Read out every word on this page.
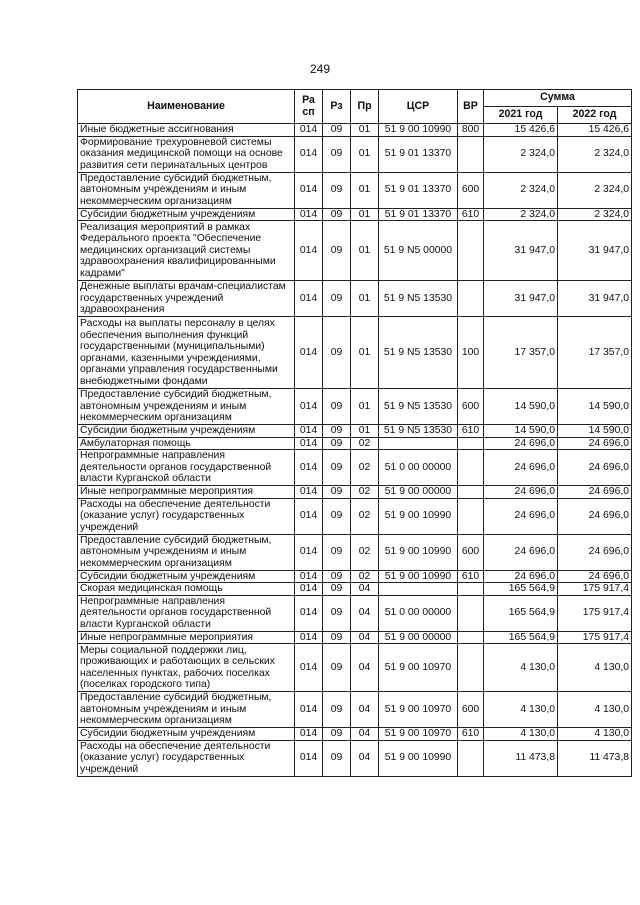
249
Наименование	Ра сп	Рз	Пр	ЦСР	ВР	Сумма	
						2021 год	2022 год
Иные бюджетные ассигнования	014	09	01	51 9 00 10990	800	15 426,6	15 426,6
Формирование трехуровневой системы оказания медицинской помощи на основе развития сети перинатальных центров	014	09	01	51 9 01 13370		2 324,0	2 324,0
Предоставление субсидий бюджетным, автономным учреждениям и иным некоммерческим организациям	014	09	01	51 9 01 13370	600	2 324,0	2 324,0
Субсидии бюджетным учреждениям	014	09	01	51 9 01 13370	610	2 324,0	2 324,0
Реализация мероприятий в рамках Федерального проекта "Обеспечение медицинских организаций системы здравоохранения квалифицированными кадрами"	014	09	01	51 9 N5 00000		31 947,0	31 947,0
Денежные выплаты врачам-специалистам государственных учреждений здравоохранения	014	09	01	51 9 N5 13530		31 947,0	31 947,0
Расходы на выплаты персоналу в целях обеспечения выполнения функций государственными (муниципальными) органами, казенными учреждениями, органами управления государственными внебюджетными фондами	014	09	01	51 9 N5 13530	100	17 357,0	17 357,0
Предоставление субсидий бюджетным, автономным учреждениям и иным некоммерческим организациям	014	09	01	51 9 N5 13530	600	14 590,0	14 590,0
Субсидии бюджетным учреждениям	014	09	01	51 9 N5 13530	610	14 590,0	14 590,0
Амбулаторная помощь	014	09	02			24 696,0	24 696,0
Непрограммные направления деятельности органов государственной власти Курганской области	014	09	02	51 0 00 00000		24 696,0	24 696,0
Иные непрограммные мероприятия	014	09	02	51 9 00 00000		24 696,0	24 696,0
Расходы на обеспечение деятельности (оказание услуг) государственных учреждений	014	09	02	51 9 00 10990		24 696,0	24 696,0
Предоставление субсидий бюджетным, автономным учреждениям и иным некоммерческим организациям	014	09	02	51 9 00 10990	600	24 696,0	24 696,0
Субсидии бюджетным учреждениям	014	09	02	51 9 00 10990	610	24 696,0	24 696,0
Скорая медицинская помощь	014	09	04			165 564,9	175 917,4
Непрограммные направления деятельности органов государственной власти Курганской области	014	09	04	51 0 00 00000		165 564,9	175 917,4
Иные непрограммные мероприятия	014	09	04	51 9 00 00000		165 564,9	175 917,4
Меры социальной поддержки лиц, проживающих и работающих в сельских населенных пунктах, рабочих поселках (поселках городского типа)	014	09	04	51 9 00 10970		4 130,0	4 130,0
Предоставление субсидий бюджетным, автономным учреждениям и иным некоммерческим организациям	014	09	04	51 9 00 10970	600	4 130,0	4 130,0
Субсидии бюджетным учреждениям	014	09	04	51 9 00 10970	610	4 130,0	4 130,0
Расходы на обеспечение деятельности (оказание услуг) государственных учреждений	014	09	04	51 9 00 10990		11 473,8	11 473,8
